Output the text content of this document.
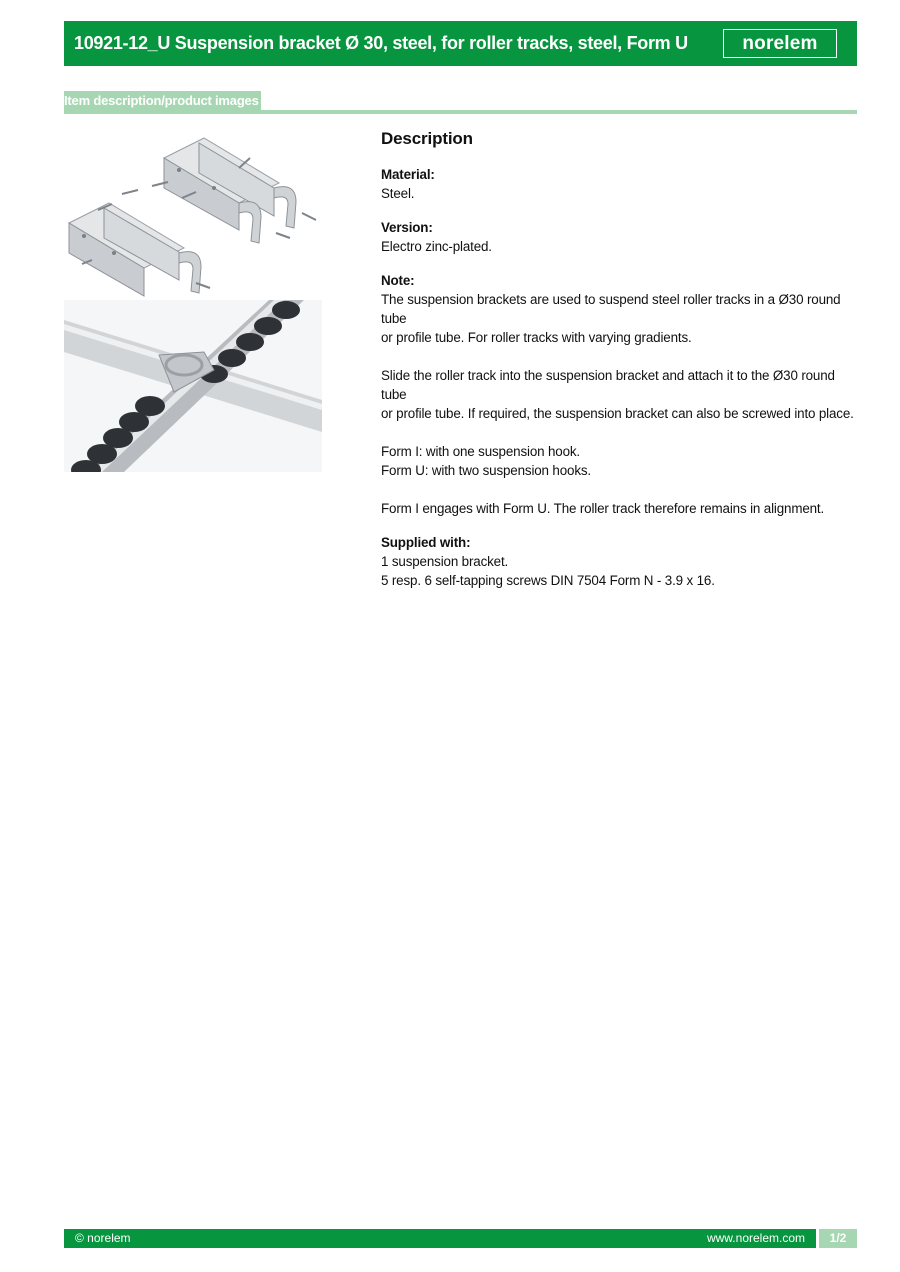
10921-12_U Suspension bracket Ø 30, steel, for roller tracks, steel, Form U	norelem
Item description/product images
Description

Material:

Steel.

Version:

Electro zinc-plated.

Note:

The suspension brackets are used to suspend steel roller tracks in a Ø30 round tube

or profile tube. For roller tracks with varying gradients.

Slide the roller track into the suspension bracket and attach it to the Ø30 round tube

or profile tube. If required, the suspension bracket can also be screwed into place.

Form I: with one suspension hook.

Form U: with two suspension hooks.

Form I engages with Form U. The roller track therefore remains in alignment.

Supplied with:

1 suspension bracket.

5 resp. 6 self-tapping screws DIN 7504 Form N - 3.9 x 16.

© norelem	www.norelem.com	1/2
